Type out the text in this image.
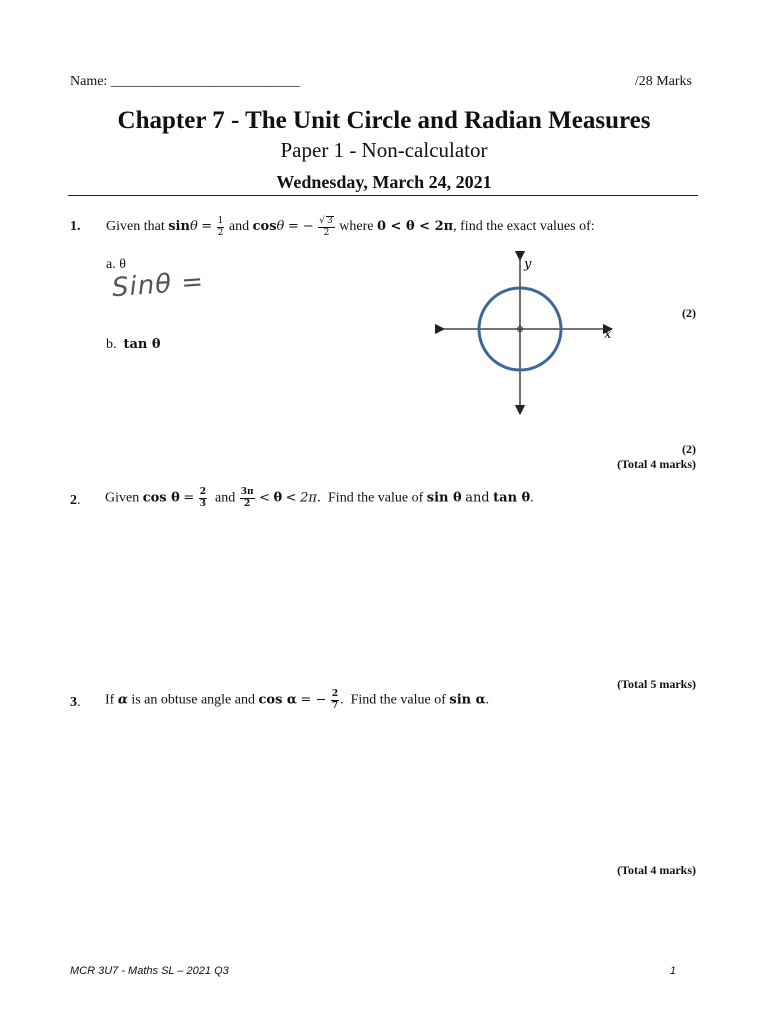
Name: ___________________________	/28 Marks
Chapter 7 - The Unit Circle and Radian Measures
Paper 1 - Non-calculator
Wednesday, March 24, 2021
1. Given that $\sin\theta = \frac{1}{2}$ and cosθ = − $\frac{√ 3}{2}$ where 0 < θ < 2π, find the exact values of:
a. θ
Sinθ =
b. tan θ
y
x
(2)
(2)
(Total 4 marks)
2. Given $\cos \theta = \frac{2}{3}$ and $\frac{3\pi}{2} < \theta < 2\pi$. Find the value of sin θ and tan θ.
(Total 5 marks)
3. If α is an obtuse angle and cos α = − $\frac{2}{7}$ . Find the value of sin α.
(Total 4 marks)
MCR 3U7 - Maths SL – 2021 Q3	1
